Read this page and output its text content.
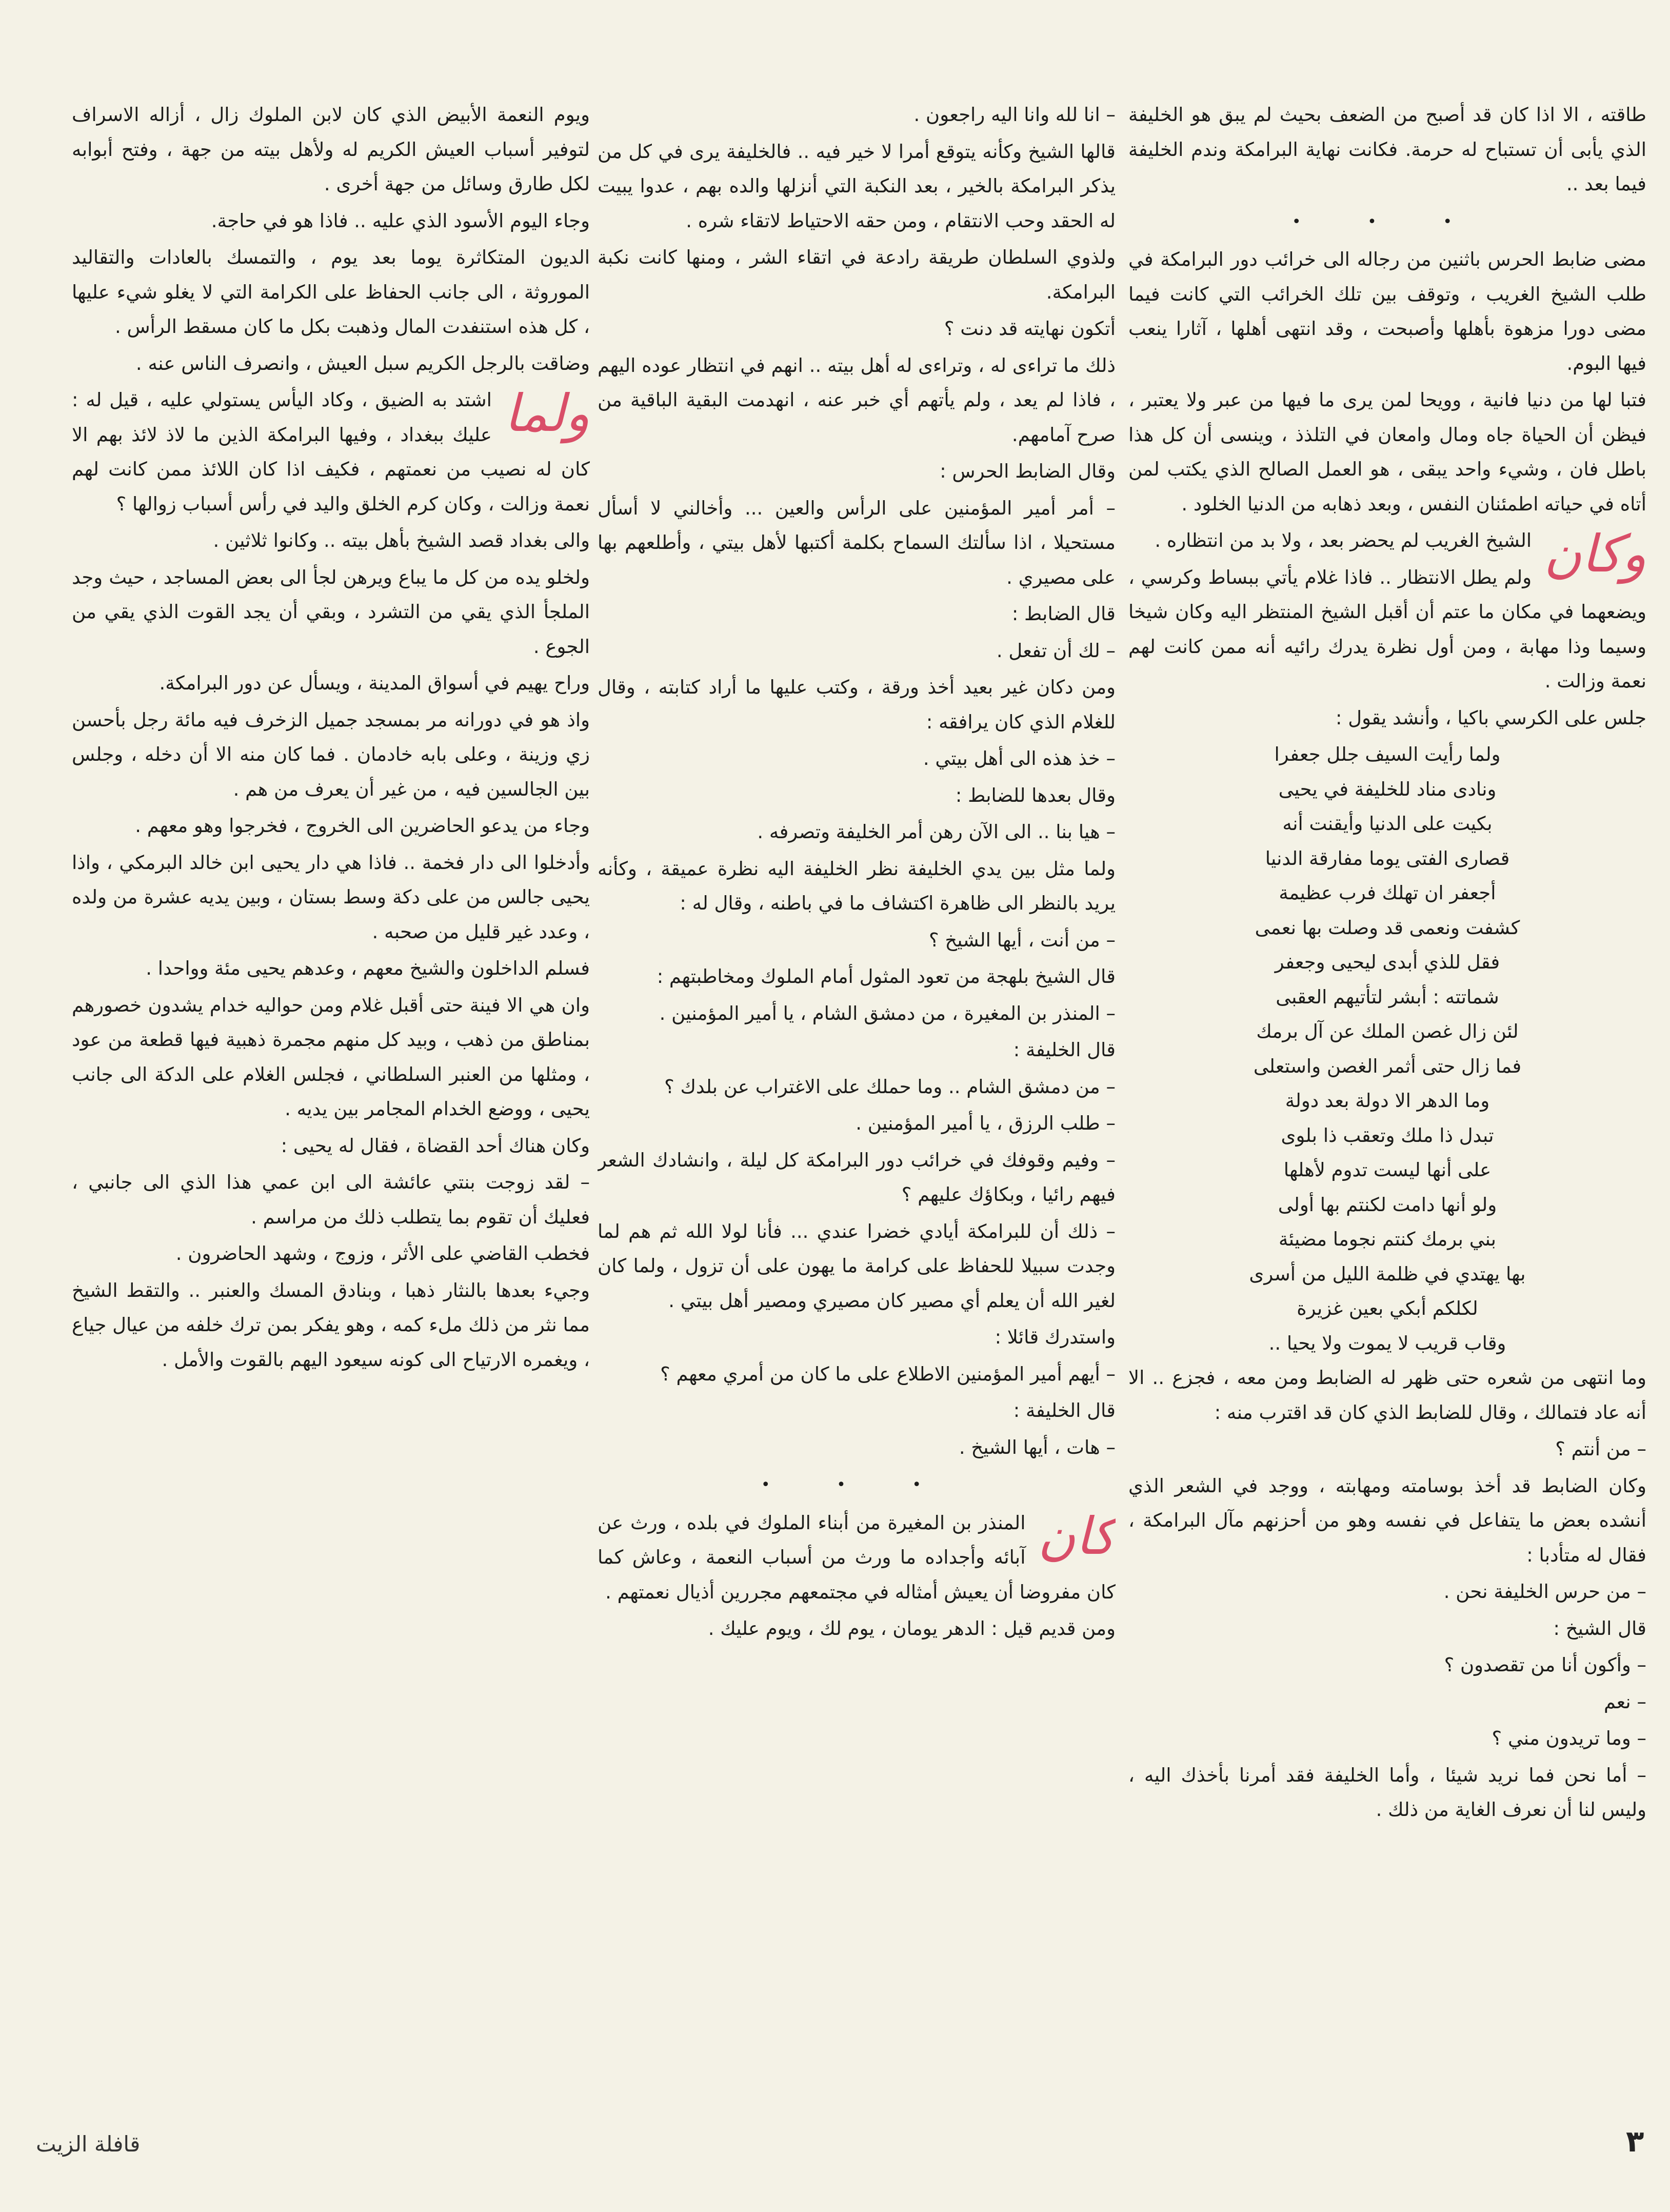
طاقته ، الا اذا كان قد أصبح من الضعف بحيث لم يبق هو الخليفة الذي يأبى أن تستباح له حرمة. فكانت نهاية البرامكة وندم الخليفة فيما بعد ..

• • •

مضى ضابط الحرس باثنين من رجاله الى خرائب دور البرامكة في طلب الشيخ الغريب ، وتوقف بين تلك الخرائب التي كانت فيما مضى دورا مزهوة بأهلها وأصبحت ، وقد انتهى أهلها ، آثارا ينعب فيها البوم.

فتبا لها من دنيا فانية ، وويحا لمن يرى ما فيها من عبر ولا يعتبر ، فيظن أن الحياة جاه ومال وامعان في التلذذ ، وينسى أن كل هذا باطل فان ، وشيء واحد يبقى ، هو العمل الصالح الذي يكتب لمن أتاه في حياته اطمئنان النفس ، وبعد ذهابه من الدنيا الخلود .

وكان
الشيخ الغريب لم يحضر بعد ، ولا بد من انتظاره .

ولم يطل الانتظار .. فاذا غلام يأتي ببساط وكرسي ، ويضعهما في مكان ما عتم أن أقبل الشيخ المنتظر اليه وكان شيخا وسيما وذا مهابة ، ومن أول نظرة يدرك رائيه أنه ممن كانت لهم نعمة وزالت .

جلس على الكرسي باكيا ، وأنشد يقول :

ولما رأيت السيف جلل جعفرا

ونادى مناد للخليفة في يحيى

بكيت على الدنيا وأيقنت أنه

قصارى الفتى يوما مفارقة الدنيا

أجعفر ان تهلك فرب عظيمة

كشفت ونعمى قد وصلت بها نعمى

فقل للذي أبدى ليحيى وجعفر

شماتته : أبشر لتأتيهم العقبى

لئن زال غصن الملك عن آل برمك

فما زال حتى أثمر الغصن واستعلى

وما الدهر الا دولة بعد دولة

تبدل ذا ملك وتعقب ذا بلوى

على أنها ليست تدوم لأهلها

ولو أنها دامت لكنتم بها أولى

بني برمك كنتم نجوما مضيئة

بها يهتدي في ظلمة الليل من أسرى

لكلكم أبكي بعين غزيرة

وقاب قريب لا يموت ولا يحيا ..

وما انتهى من شعره حتى ظهر له الضابط ومن معه ، فجزع .. الا أنه عاد فتمالك ، وقال للضابط الذي كان قد اقترب منه :

– من أنتم ؟

وكان الضابط قد أخذ بوسامته ومهابته ، ووجد في الشعر الذي أنشده بعض ما يتفاعل في نفسه وهو من أحزنهم مآل البرامكة ، فقال له متأدبا :

– من حرس الخليفة نحن .

قال الشيخ :

– وأكون أنا من تقصدون ؟

– نعم

– وما تريدون مني ؟

– أما نحن فما نريد شيئا ، وأما الخليفة فقد أمرنا بأخذك اليه ، وليس لنا أن نعرف الغاية من ذلك .

– انا لله وانا اليه راجعون .

قالها الشيخ وكأنه يتوقع أمرا لا خير فيه .. فالخليفة يرى في كل من يذكر البرامكة بالخير ، بعد النكبة التي أنزلها والده بهم ، عدوا يبيت له الحقد وحب الانتقام ، ومن حقه الاحتياط لاتقاء شره .

ولذوي السلطان طريقة رادعة في اتقاء الشر ، ومنها كانت نكبة البرامكة.

أتكون نهايته قد دنت ؟

ذلك ما تراءى له ، وتراءى له أهل بيته .. انهم في انتظار عوده اليهم ، فاذا لم يعد ، ولم يأتهم أي خبر عنه ، انهدمت البقية الباقية من صرح آمامهم.

وقال الضابط الحرس :

– أمر أمير المؤمنين على الرأس والعين ... وأخالني لا أسأل مستحيلا ، اذا سألتك السماح بكلمة أكتبها لأهل بيتي ، وأطلعهم بها على مصيري .

قال الضابط :

– لك أن تفعل .

ومن دكان غير بعيد أخذ ورقة ، وكتب عليها ما أراد كتابته ، وقال للغلام الذي كان يرافقه :

– خذ هذه الى أهل بيتي .

وقال بعدها للضابط :

– هيا بنا .. الى الآن رهن أمر الخليفة وتصرفه .

ولما مثل بين يدي الخليفة نظر الخليفة اليه نظرة عميقة ، وكأنه يريد بالنظر الى ظاهرة اكتشاف ما في باطنه ، وقال له :

– من أنت ، أيها الشيخ ؟

قال الشيخ بلهجة من تعود المثول أمام الملوك ومخاطبتهم :

– المنذر بن المغيرة ، من دمشق الشام ، يا أمير المؤمنين .

قال الخليفة :

– من دمشق الشام .. وما حملك على الاغتراب عن بلدك ؟

– طلب الرزق ، يا أمير المؤمنين .

– وفيم وقوفك في خرائب دور البرامكة كل ليلة ، وانشادك الشعر فيهم رائيا ، وبكاؤك عليهم ؟

– ذلك أن للبرامكة أيادي خضرا عندي ... فأنا لولا الله ثم هم لما وجدت سبيلا للحفاظ على كرامة ما يهون على أن تزول ، ولما كان لغير الله أن يعلم أي مصير كان مصيري ومصير أهل بيتي .

واستدرك قائلا :

– أيهم أمير المؤمنين الاطلاع على ما كان من أمري معهم ؟

قال الخليفة :

– هات ، أيها الشيخ .

• • •

كان
المنذر بن المغيرة من أبناء الملوك في بلده ، ورث عن آبائه وأجداده ما ورث من أسباب النعمة ، وعاش كما كان مفروضا أن يعيش أمثاله في مجتمعهم مجررين أذيال نعمتهم .

ومن قديم قيل : الدهر يومان ، يوم لك ، ويوم عليك .

ويوم النعمة الأبيض الذي كان لابن الملوك زال ، أزاله الاسراف لتوفير أسباب العيش الكريم له ولأهل بيته من جهة ، وفتح أبوابه لكل طارق وسائل من جهة أخرى .

وجاء اليوم الأسود الذي عليه .. فاذا هو في حاجة.

الديون المتكاثرة يوما بعد يوم ، والتمسك بالعادات والتقاليد الموروثة ، الى جانب الحفاظ على الكرامة التي لا يغلو شيء عليها ، كل هذه استنفدت المال وذهبت بكل ما كان مسقط الرأس .

وضاقت بالرجل الكريم سبل العيش ، وانصرف الناس عنه .

ولما
اشتد به الضيق ، وكاد اليأس يستولي عليه ، قيل له : عليك ببغداد ، وفيها البرامكة الذين ما لاذ لائذ بهم الا كان له نصيب من نعمتهم ، فكيف اذا كان اللائذ ممن كانت لهم نعمة وزالت ، وكان كرم الخلق واليد في رأس أسباب زوالها ؟

والى بغداد قصد الشيخ بأهل بيته .. وكانوا ثلاثين .

ولخلو يده من كل ما يباع ويرهن لجأ الى بعض المساجد ، حيث وجد الملجأ الذي يقي من التشرد ، وبقي أن يجد القوت الذي يقي من الجوع .

وراح يهيم في أسواق المدينة ، ويسأل عن دور البرامكة.

واذ هو في دورانه مر بمسجد جميل الزخرف فيه مائة رجل بأحسن زي وزينة ، وعلى بابه خادمان . فما كان منه الا أن دخله ، وجلس بين الجالسين فيه ، من غير أن يعرف من هم .

وجاء من يدعو الحاضرين الى الخروج ، فخرجوا وهو معهم .

وأدخلوا الى دار فخمة .. فاذا هي دار يحيى ابن خالد البرمكي ، واذا يحيى جالس من على دكة وسط بستان ، وبين يديه عشرة من ولده ، وعدد غير قليل من صحبه .

فسلم الداخلون والشيخ معهم ، وعدهم يحيى مئة وواحدا .

وان هي الا فينة حتى أقبل غلام ومن حواليه خدام يشدون خصورهم بمناطق من ذهب ، وبيد كل منهم مجمرة ذهبية فيها قطعة من عود ، ومثلها من العنبر السلطاني ، فجلس الغلام على الدكة الى جانب يحيى ، ووضع الخدام المجامر بين يديه .

وكان هناك أحد القضاة ، فقال له يحيى :

– لقد زوجت بنتي عائشة الى ابن عمي هذا الذي الى جانبي ، فعليك أن تقوم بما يتطلب ذلك من مراسم .

فخطب القاضي على الأثر ، وزوج ، وشهد الحاضرون .

وجيء بعدها بالنثار ذهبا ، وبنادق المسك والعنبر .. والتقط الشيخ مما نثر من ذلك ملء كمه ، وهو يفكر بمن ترك خلفه من عيال جياع ، ويغمره الارتياح الى كونه سيعود اليهم بالقوت والأمل .

قافلة الزيت	٣
